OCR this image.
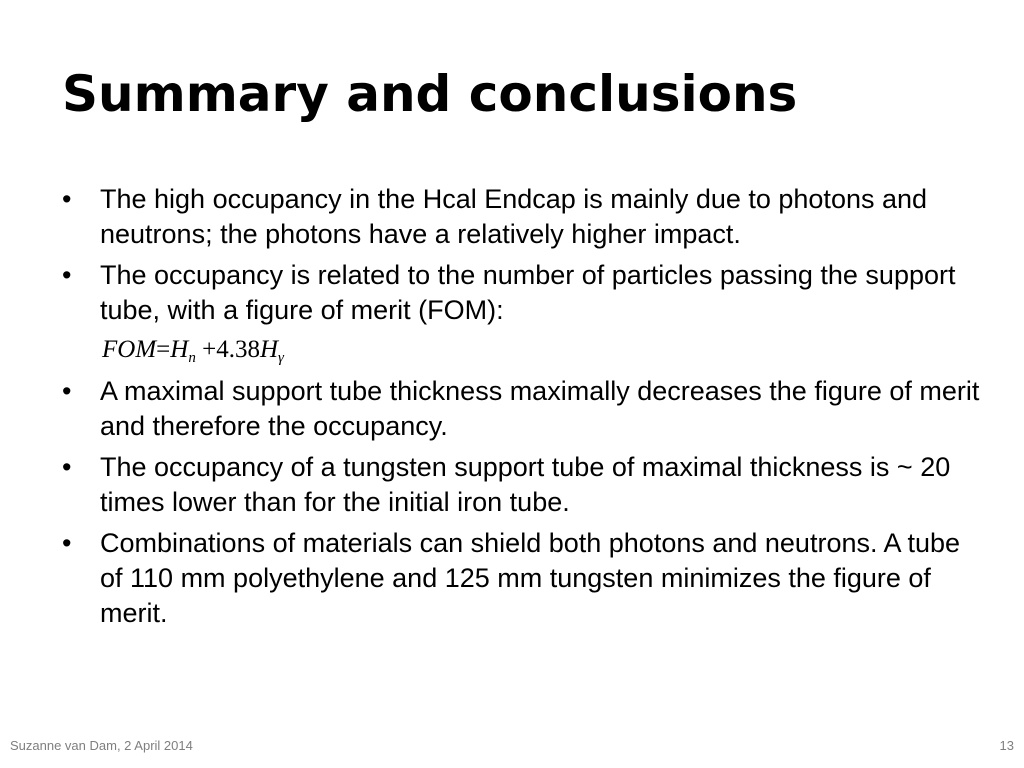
Summary and conclusions
• The high occupancy in the Hcal Endcap is mainly due to photons and neutrons; the photons have a relatively higher impact.
• The occupancy is related to the number of particles passing the support tube, with a figure of merit (FOM):
$FOM=H_n +4.38H_\gamma$
• A maximal support tube thickness maximally decreases the figure of merit and therefore the occupancy.
• The occupancy of a tungsten support tube of maximal thickness is ~ 20 times lower than for the initial iron tube.
• Combinations of materials can shield both photons and neutrons. A tube of 110 mm polyethylene and 125 mm tungsten minimizes the figure of merit.
Suzanne van Dam, 2 April 2014	13
